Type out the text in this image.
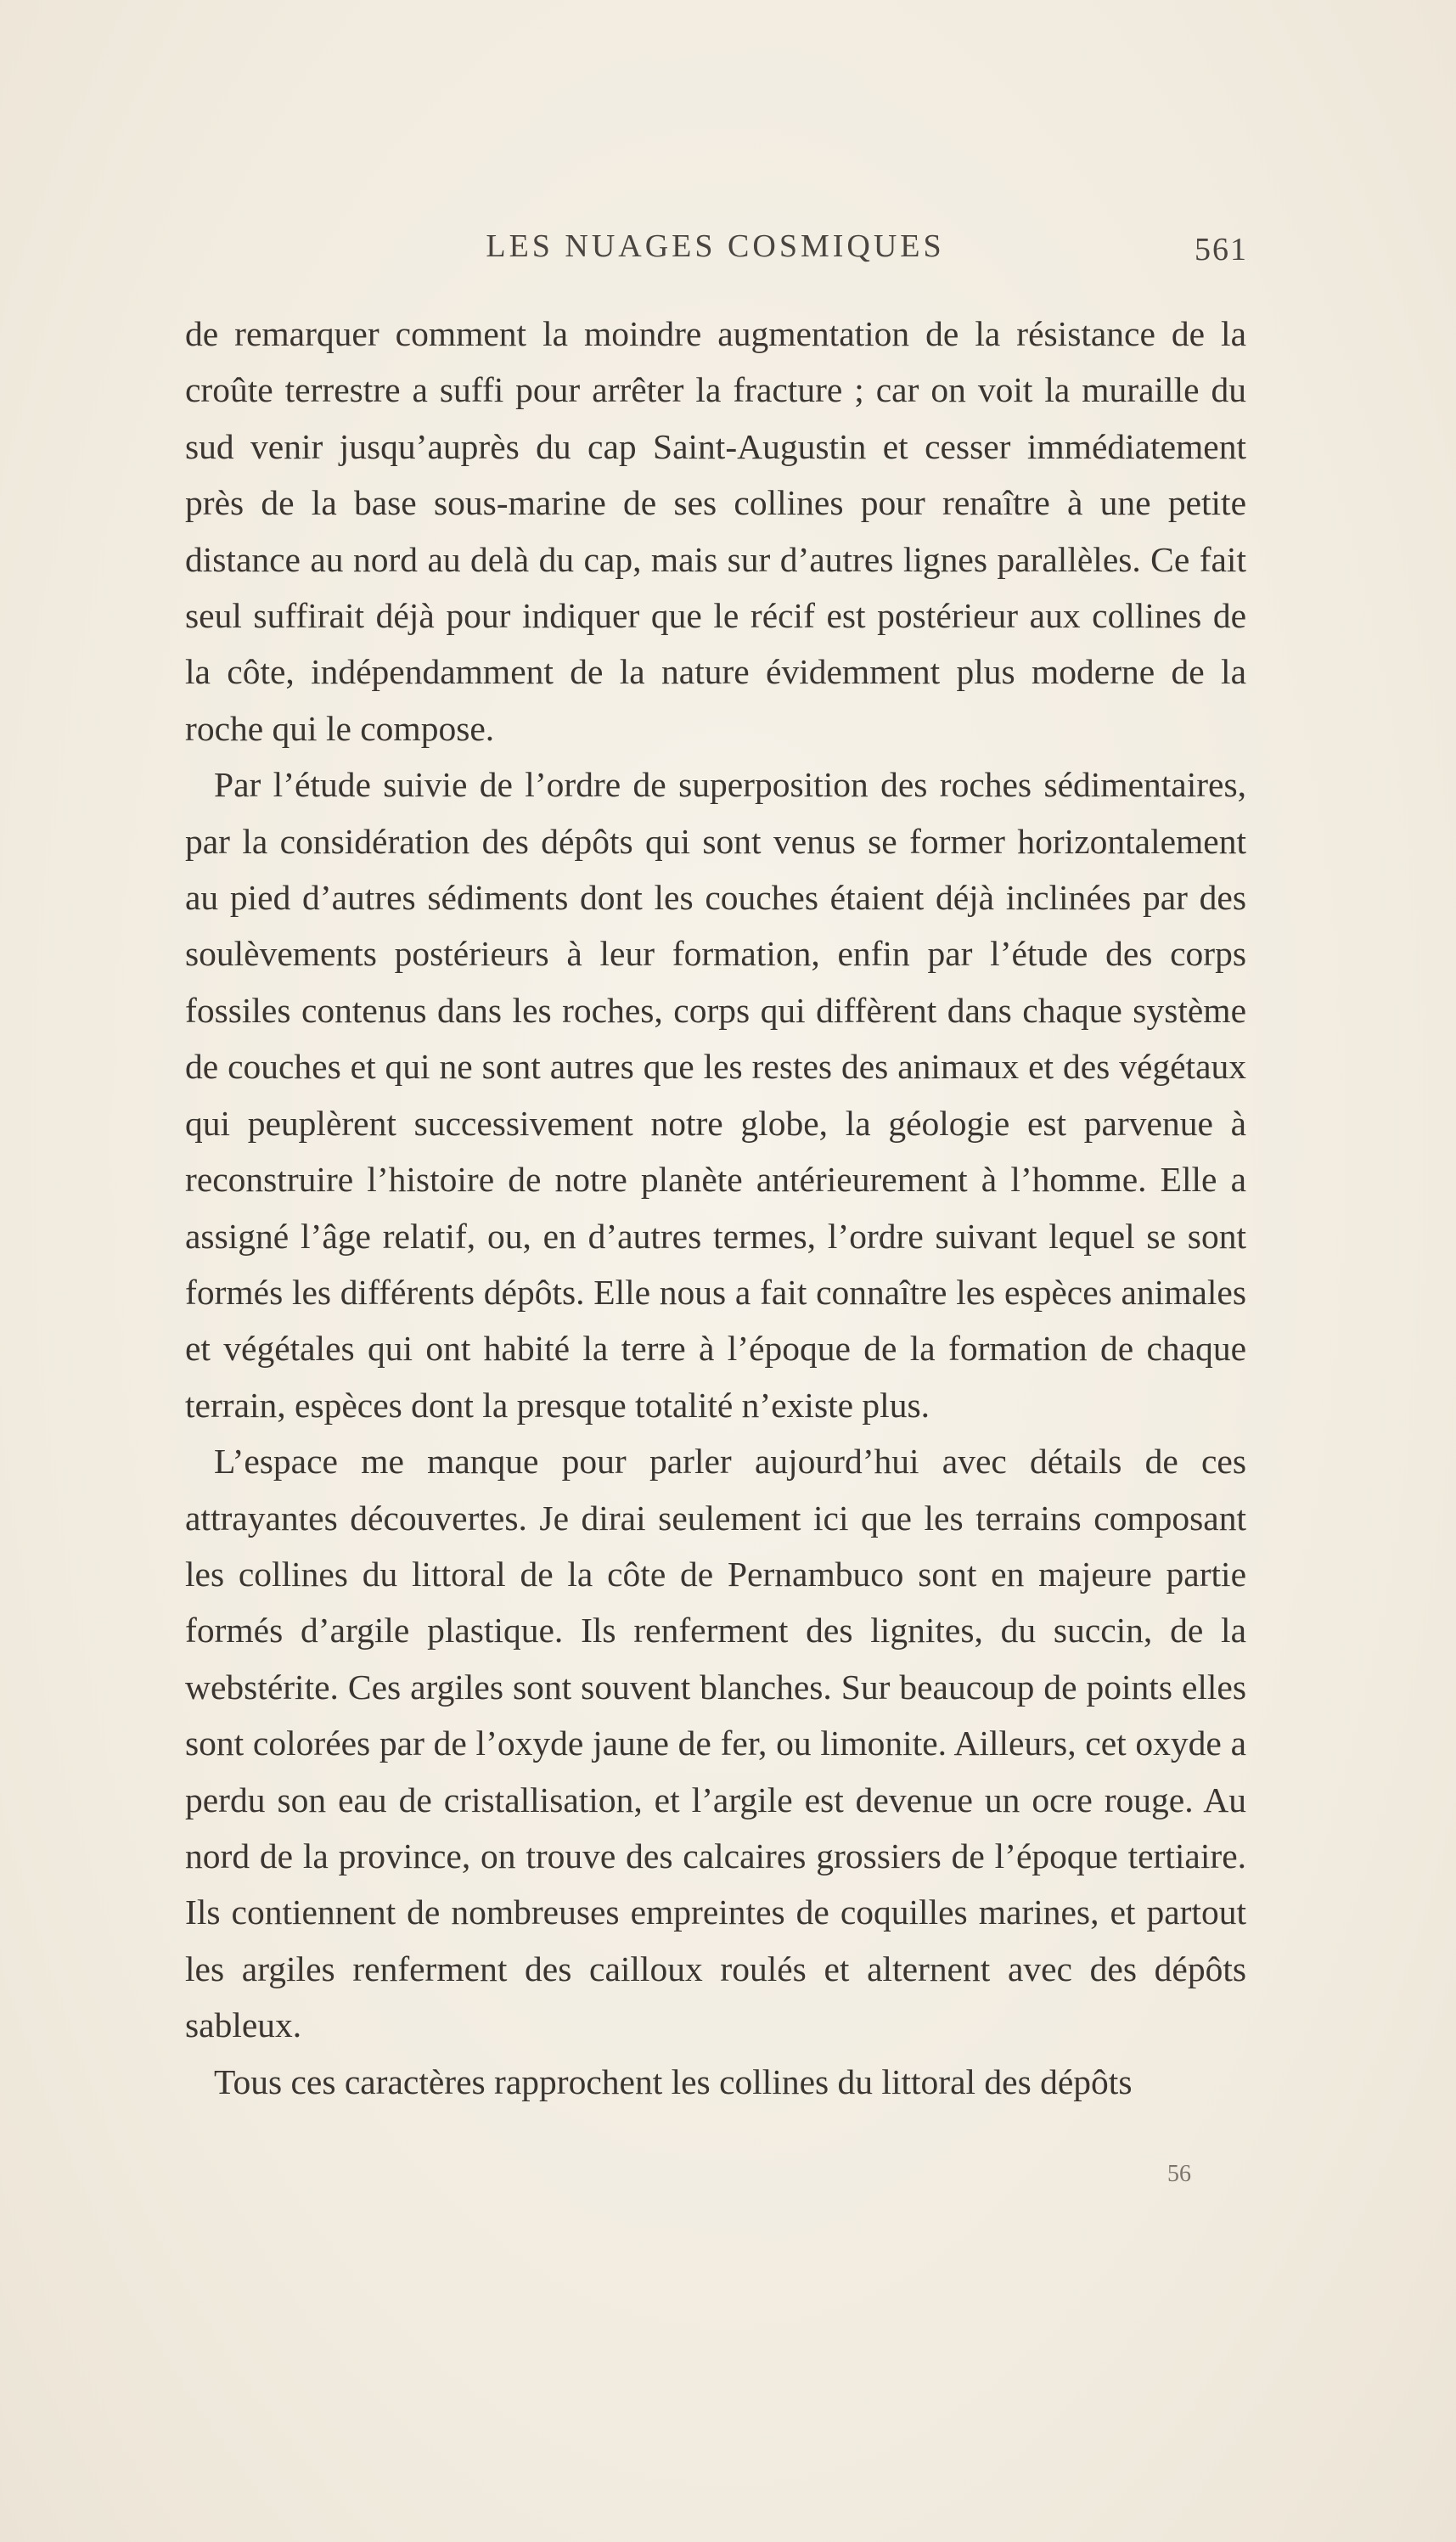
LES NUAGES COSMIQUES	561

de remarquer comment la moindre augmentation de la résistance de la croûte terrestre a suffi pour arrêter la fracture ; car on voit la muraille du sud venir jusqu’auprès du cap Saint-Augustin et cesser immédiatement près de la base sous-marine de ses collines pour renaître à une petite distance au nord au delà du cap, mais sur d’autres lignes parallèles. Ce fait seul suffirait déjà pour indiquer que le récif est postérieur aux collines de la côte, indépendamment de la nature évidemment plus moderne de la roche qui le compose.

Par l’étude suivie de l’ordre de superposition des roches sédimentaires, par la considération des dépôts qui sont venus se former horizontalement au pied d’autres sédiments dont les couches étaient déjà inclinées par des soulèvements postérieurs à leur formation, enfin par l’étude des corps fossiles contenus dans les roches, corps qui diffèrent dans chaque système de couches et qui ne sont autres que les restes des animaux et des végétaux qui peuplèrent successivement notre globe, la géologie est parvenue à reconstruire l’histoire de notre planète antérieurement à l’homme. Elle a assigné l’âge relatif, ou, en d’autres termes, l’ordre suivant lequel se sont formés les différents dépôts. Elle nous a fait connaître les espèces animales et végétales qui ont habité la terre à l’époque de la formation de chaque terrain, espèces dont la presque totalité n’existe plus.

L’espace me manque pour parler aujourd’hui avec détails de ces attrayantes découvertes. Je dirai seulement ici que les terrains composant les collines du littoral de la côte de Pernambuco sont en majeure partie formés d’argile plastique. Ils renferment des lignites, du succin, de la webstérite. Ces argiles sont souvent blanches. Sur beaucoup de points elles sont colorées par de l’oxyde jaune de fer, ou limonite. Ailleurs, cet oxyde a perdu son eau de cristallisation, et l’argile est devenue un ocre rouge. Au nord de la province, on trouve des calcaires grossiers de l’époque tertiaire. Ils contiennent de nombreuses empreintes de coquilles marines, et partout les argiles renferment des cailloux roulés et alternent avec des dépôts sableux.

Tous ces caractères rapprochent les collines du littoral des dépôts

56
